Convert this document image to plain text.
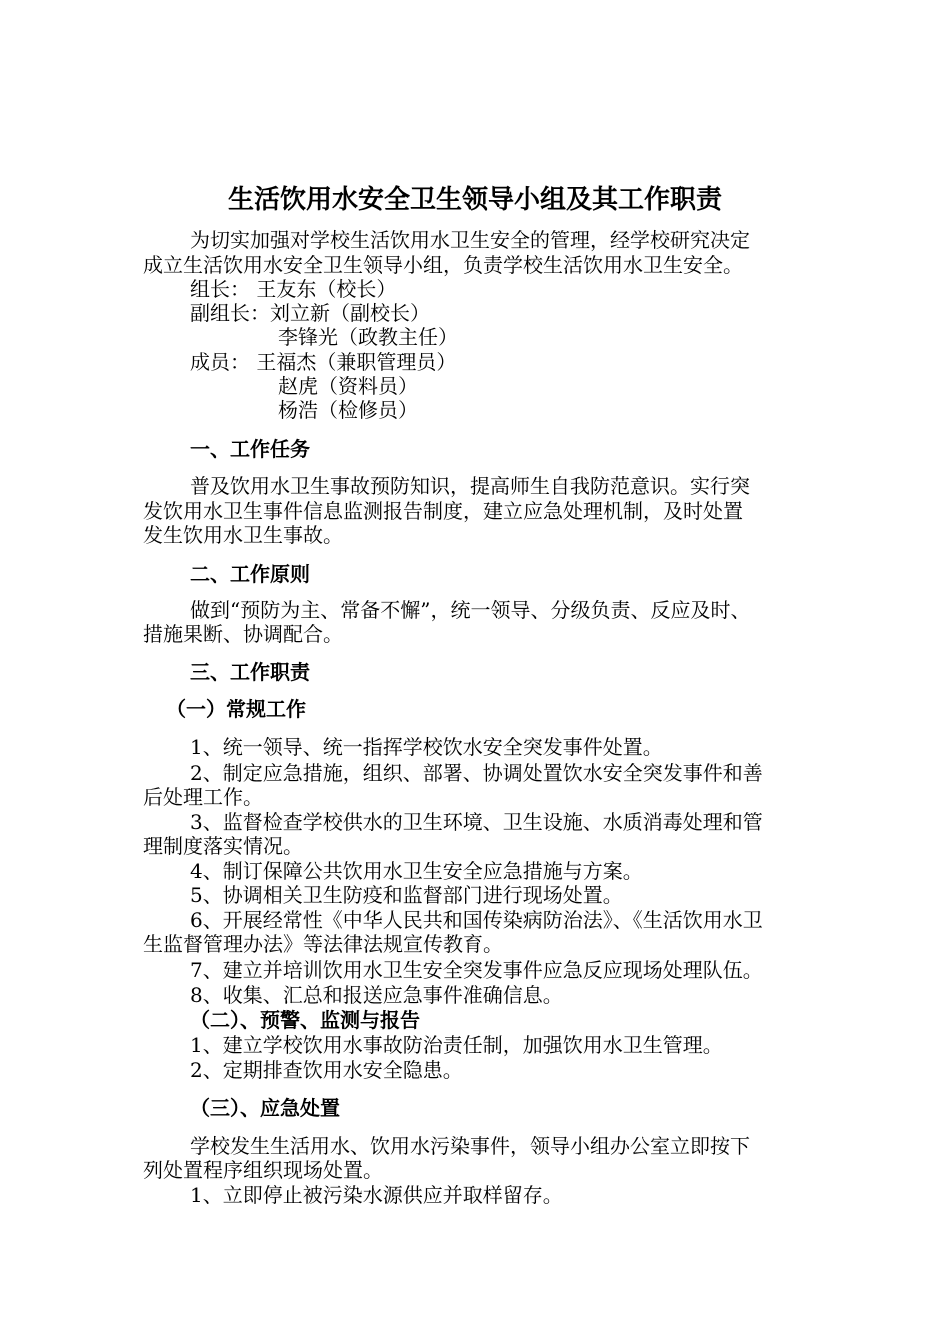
生活饮用水安全卫生领导小组及其工作职责
为切实加强对学校生活饮用水卫生安全的管理，经学校研究决定
成立生活饮用水安全卫生领导小组，负责学校生活饮用水卫生安全。
组长： 王友东（校长）
副组长：刘立新（副校长）
李锋光（政教主任）
成员： 王福杰（兼职管理员）
赵虎（资料员）
杨浩（检修员）
一、工作任务
普及饮用水卫生事故预防知识，提高师生自我防范意识。实行突
发饮用水卫生事件信息监测报告制度，建立应急处理机制，及时处置
发生饮用水卫生事故。
二、工作原则
做到“预防为主、常备不懈”，统一领导、分级负责、反应及时、
措施果断、协调配合。
三、工作职责
（一）常规工作
1、统一领导、统一指挥学校饮水安全突发事件处置。
2、制定应急措施，组织、部署、协调处置饮水安全突发事件和善
后处理工作。
3、监督检查学校供水的卫生环境、卫生设施、水质消毒处理和管
理制度落实情况。
4、制订保障公共饮用水卫生安全应急措施与方案。
5、协调相关卫生防疫和监督部门进行现场处置。
6、开展经常性《中华人民共和国传染病防治法》、《生活饮用水卫
生监督管理办法》等法律法规宣传教育。
7、建立并培训饮用水卫生安全突发事件应急反应现场处理队伍。
8、收集、汇总和报送应急事件准确信息。
（二）、预警、监测与报告
1、建立学校饮用水事故防治责任制，加强饮用水卫生管理。
2、定期排查饮用水安全隐患。
（三）、应急处置
学校发生生活用水、饮用水污染事件，领导小组办公室立即按下
列处置程序组织现场处置。
1、立即停止被污染水源供应并取样留存。
